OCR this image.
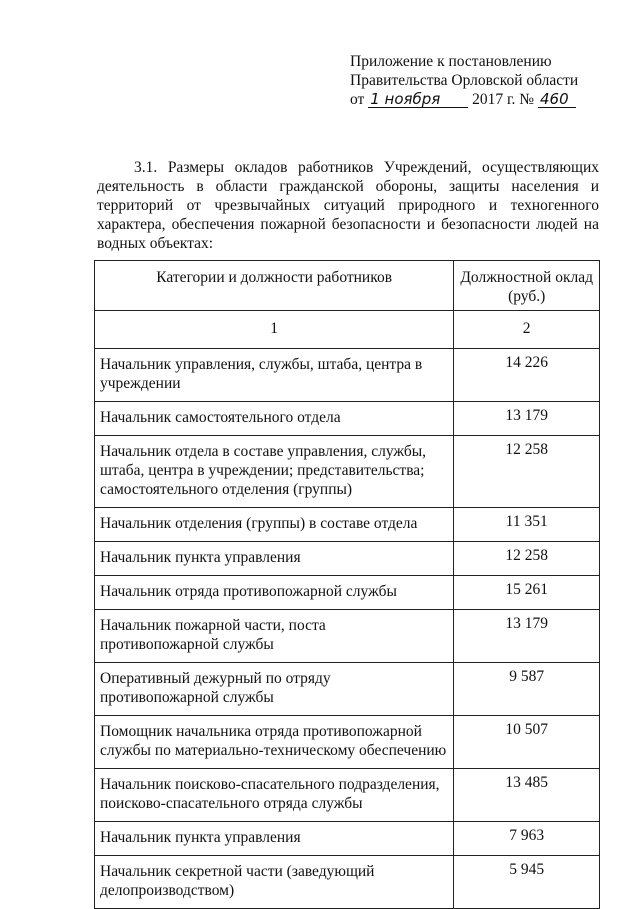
Приложение к постановлению
Правительства Орловской области
от 1 ноября 2017 г. № 460
3.1. Размеры окладов работников Учреждений, осуществляющих деятельность в области гражданской обороны, защиты населения и территорий от чрезвычайных ситуаций природного и техногенного характера, обеспечения пожарной безопасности и безопасности людей на водных объектах:
Категории и должности работников	Должностной оклад (руб.)
1	2
Начальник управления, службы, штаба, центра в учреждении	14 226
Начальник самостоятельного отдела	13 179
Начальник отдела в составе управления, службы, штаба, центра в учреждении; представительства; самостоятельного отделения (группы)	12 258
Начальник отделения (группы) в составе отдела	11 351
Начальник пункта управления	12 258
Начальник отряда противопожарной службы	15 261
Начальник пожарной части, поста противопожарной службы	13 179
Оперативный дежурный по отряду противопожарной службы	9 587
Помощник начальника отряда противопожарной службы по материально-техническому обеспечению	10 507
Начальник поисково-спасательного подразделения, поисково-спасательного отряда службы	13 485
Начальник пункта управления	7 963
Начальник секретной части (заведующий делопроизводством)	5 945
